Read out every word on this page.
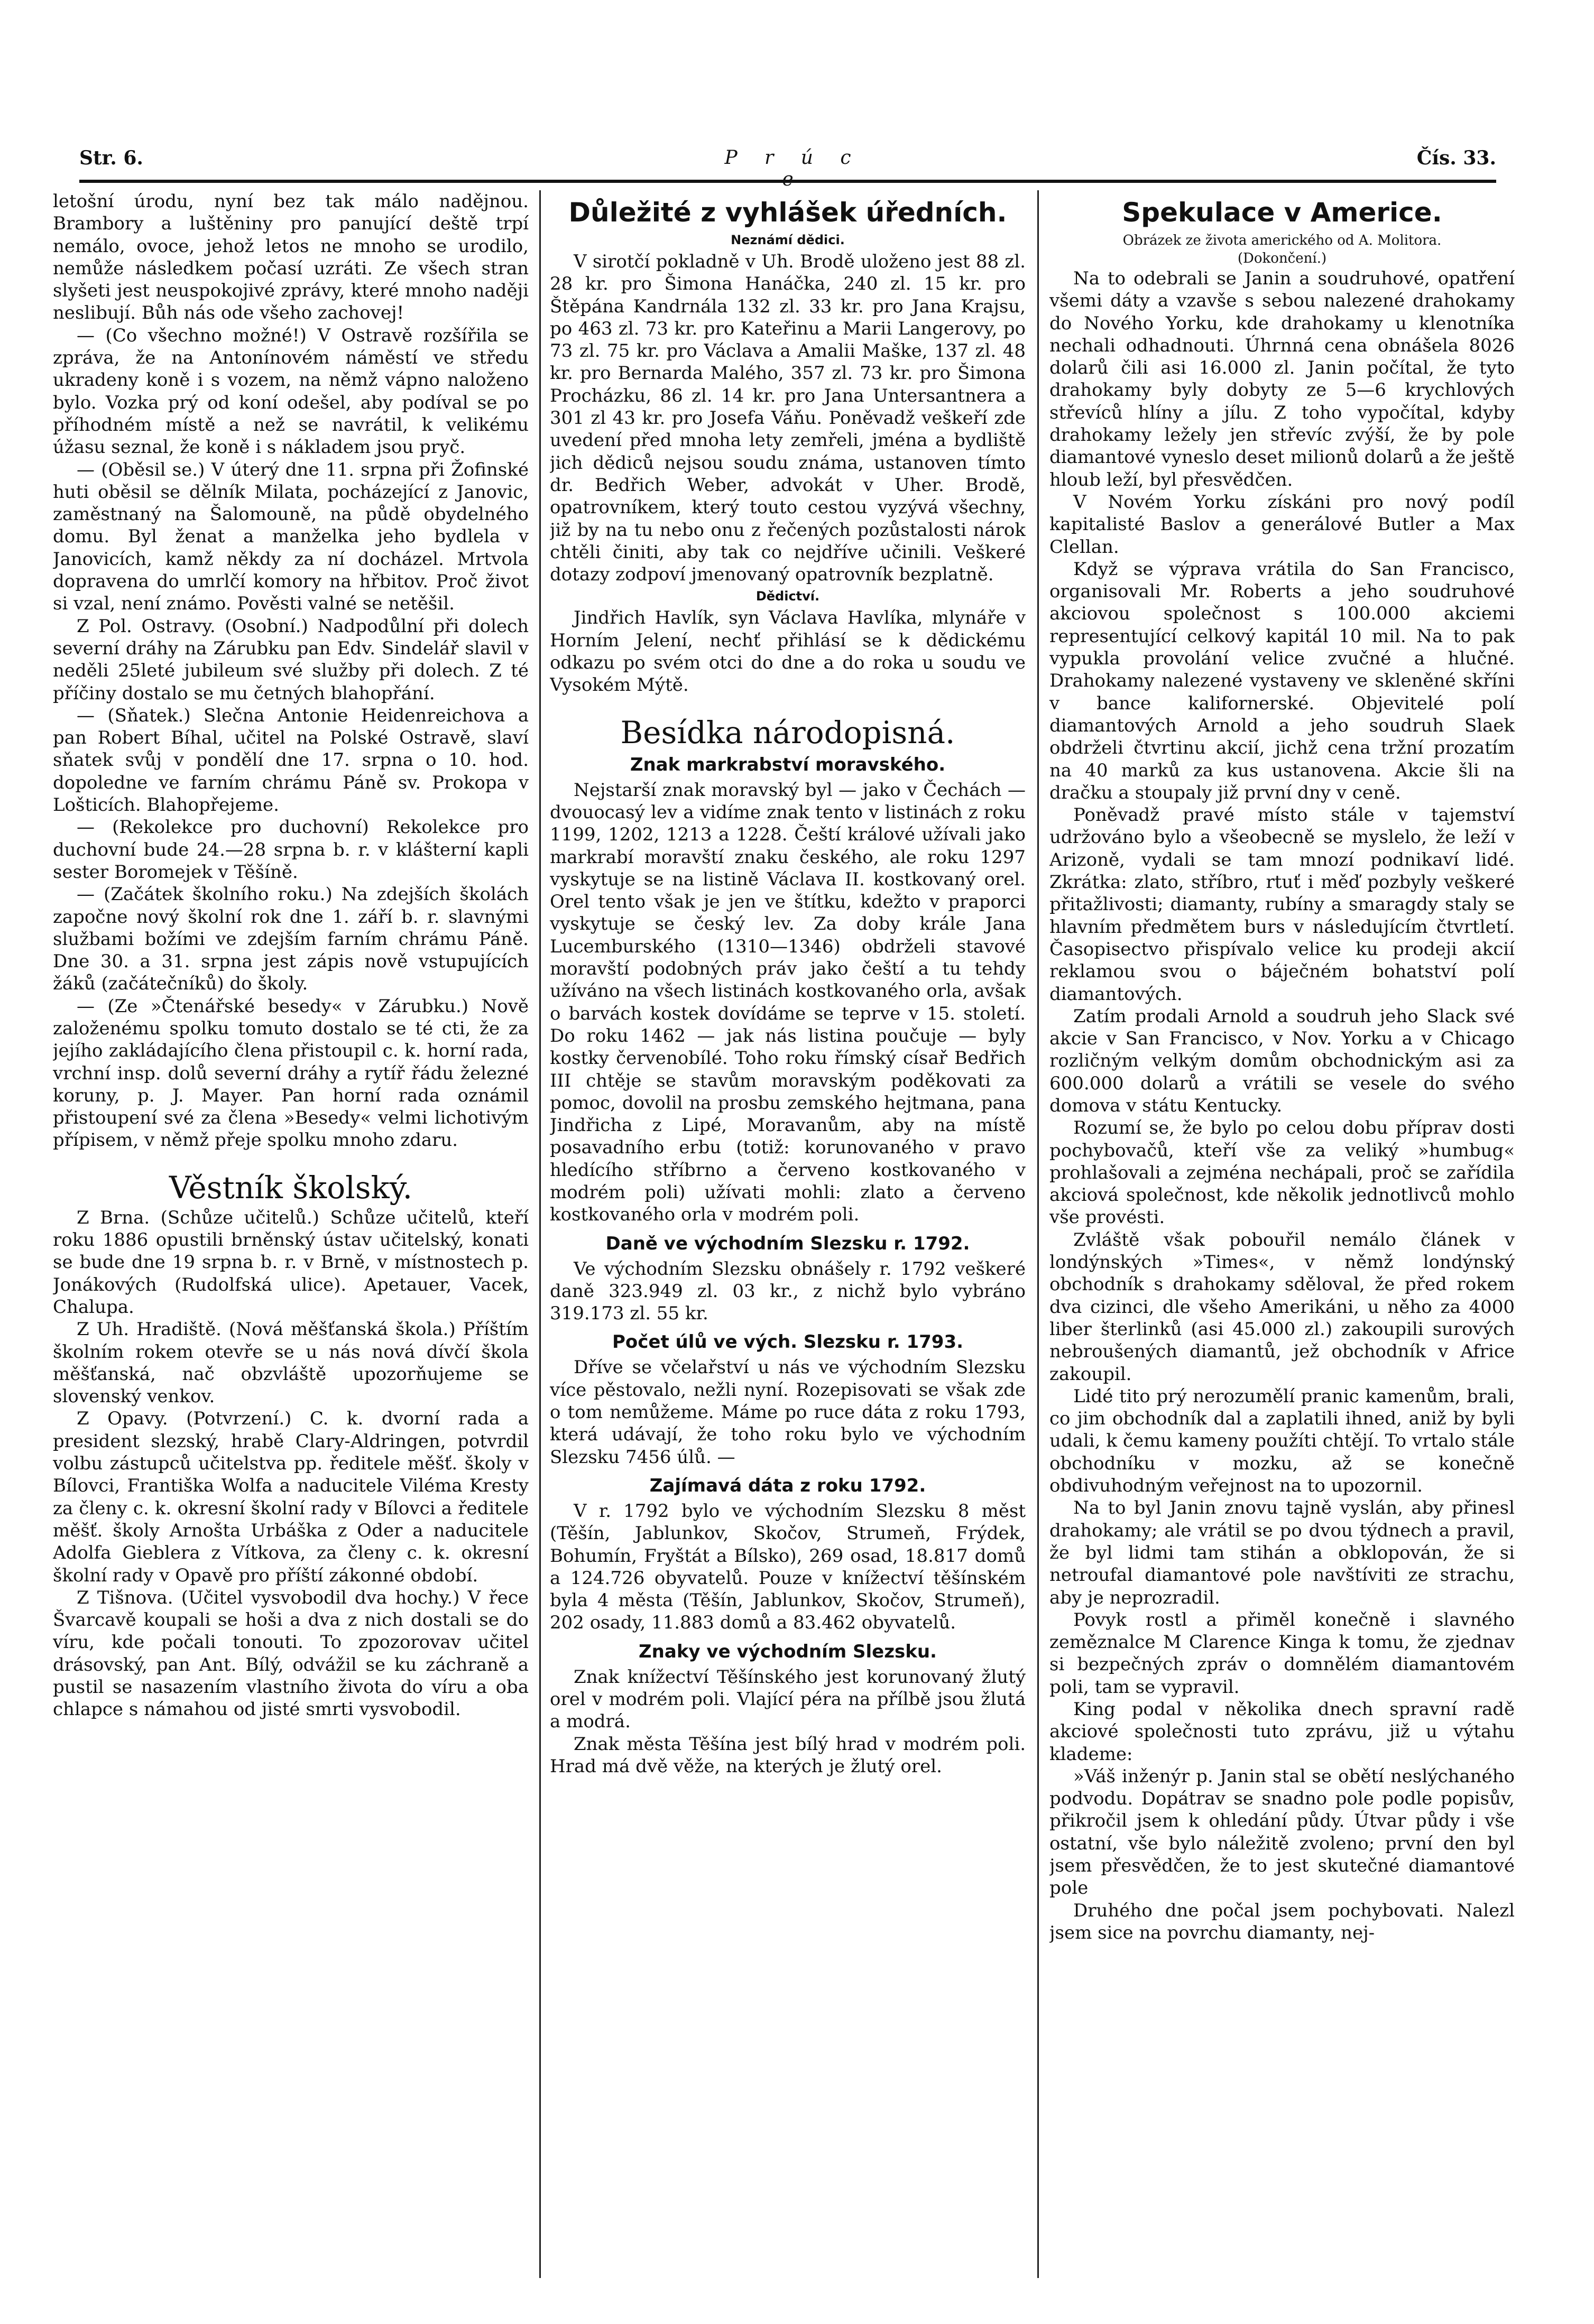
Str. 6.	P r ú c	Čís. 33.

letošní úrodu, nyní bez tak málo nadějnou. Brambory a luštěniny pro panující deště trpí nemálo, ovoce, jehož letos ne mnoho se urodilo, nemůže následkem počasí uzráti. Ze všech stran slyšeti jest neuspokojivé zprávy, které mnoho naději neslibují. Bůh nás ode všeho zachovej!

— (Co všechno možné!) V Ostravě rozšířila se zpráva, že na Antonínovém náměstí ve středu ukradeny koně i s vozem, na němž vápno naloženo bylo. Vozka prý od koní odešel, aby podíval se po příhodném místě a než se navrátil, k velikému úžasu seznal, že koně i s nákladem jsou pryč.

— (Oběsil se.) V úterý dne 11. srpna při Žofinské huti oběsil se dělník Milata, pocházející z Janovic, zaměstnaný na Šalomouně, na půdě obydelného domu. Byl ženat a manželka jeho bydlela v Janovicích, kamž někdy za ní docházel. Mrtvola dopravena do umrlčí komory na hřbitov. Proč život si vzal, není známo. Pověsti valné se netěšil.

Z Pol. Ostravy. (Osobní.) Nadpodůlní při dolech severní dráhy na Zárubku pan Edv. Sindelář slavil v neděli 25leté jubileum své služby při dolech. Z té příčiny dostalo se mu četných blahopřání.

— (Sňatek.) Slečna Antonie Heidenreichova a pan Robert Bíhal, učitel na Polské Ostravě, slaví sňatek svůj v pondělí dne 17. srpna o 10. hod. dopoledne ve farním chrámu Páně sv. Prokopa v Lošticích. Blahopřejeme.

— (Rekolekce pro duchovní) Rekolekce pro duchovní bude 24.—28 srpna b. r. v klášterní kapli sester Boromejek v Těšíně.

— (Začátek školního roku.) Na zdejších školách započne nový školní rok dne 1. září b. r. slavnými službami božími ve zdejším farním chrámu Páně. Dne 30. a 31. srpna jest zápis nově vstupujících žáků (začátečníků) do školy.

— (Ze »Čtenářské besedy« v Zárubku.) Nově založenému spolku tomuto dostalo se té cti, že za jejího zakládajícího člena přistoupil c. k. horní rada, vrchní insp. dolů severní dráhy a rytíř řádu železné koruny, p. J. Mayer. Pan horní rada oznámil přistoupení své za člena »Besedy« velmi lichotivým přípisem, v němž přeje spolku mnoho zdaru.

Věstník školský.

Z Brna. (Schůze učitelů.) Schůze učitelů, kteří roku 1886 opustili brněnský ústav učitelský, konati se bude dne 19 srpna b. r. v Brně, v místnostech p. Jonákových (Rudolfská ulice). Apetauer, Vacek, Chalupa.

Z Uh. Hradiště. (Nová měšťanská škola.) Příštím školním rokem otevře se u nás nová dívčí škola měšťanská, nač obzvláště upozorňujeme se slovenský venkov.

Z Opavy. (Potvrzení.) C. k. dvorní rada a president slezský, hrabě Clary-Aldringen, potvrdil volbu zástupců učitelstva pp. ředitele měšť. školy v Bílovci, Františka Wolfa a naducitele Viléma Kresty za členy c. k. okresní školní rady v Bílovci a ředitele měšť. školy Arnošta Urbáška z Oder a naducitele Adolfa Gieblera z Vítkova, za členy c. k. okresní školní rady v Opavě pro příští zákonné období.

Z Tišnova. (Učitel vysvobodil dva hochy.) V řece Švarcavě koupali se hoši a dva z nich dostali se do víru, kde počali tonouti. To zpozorovav učitel drásovský, pan Ant. Bílý, odvážil se ku záchraně a pustil se nasazením vlastního života do víru a oba chlapce s námahou od jisté smrti vysvobodil.

Důležité z vyhlášek úředních.
Neznámí dědici.

V sirotčí pokladně v Uh. Brodě uloženo jest 88 zl. 28 kr. pro Šimona Hanáčka, 240 zl. 15 kr. pro Štěpána Kandrnála 132 zl. 33 kr. pro Jana Krajsu, po 463 zl. 73 kr. pro Kateřinu a Marii Langerovy, po 73 zl. 75 kr. pro Václava a Amalii Maške, 137 zl. 48 kr. pro Bernarda Malého, 357 zl. 73 kr. pro Šimona Procházku, 86 zl. 14 kr. pro Jana Untersantnera a 301 zl 43 kr. pro Josefa Váňu. Poněvadž veškeří zde uvedení před mnoha lety zemřeli, jména a bydliště jich dědiců nejsou soudu známa, ustanoven tímto dr. Bedřich Weber, advokát v Uher. Brodě, opatrovníkem, který touto cestou vyzývá všechny, již by na tu nebo onu z řečených pozůstalosti nárok chtěli činiti, aby tak co nejdříve učinili. Veškeré dotazy zodpoví jmenovaný opatrovník bezplatně.

Dědictví.

Jindřich Havlík, syn Václava Havlíka, mlynáře v Horním Jelení, nechť přihlásí se k dědickému odkazu po svém otci do dne a do roka u soudu ve Vysokém Mýtě.

Besídka národopisná.
Znak markrabství moravského.

Nejstarší znak moravský byl — jako v Čechách — dvouocasý lev a vidíme znak tento v listinách z roku 1199, 1202, 1213 a 1228. Čeští králové užívali jako markrabí moravští znaku českého, ale roku 1297 vyskytuje se na listině Václava II. kostkovaný orel. Orel tento však je jen ve štítku, kdežto v praporci vyskytuje se český lev. Za doby krále Jana Lucemburského (1310—1346) obdrželi stavové moravští podobných práv jako čeští a tu tehdy užíváno na všech listinách kostkovaného orla, avšak o barvách kostek dovídáme se teprve v 15. století. Do roku 1462 — jak nás listina poučuje — byly kostky červenobílé. Toho roku římský císař Bedřich III chtěje se stavům moravským poděkovati za pomoc, dovolil na prosbu zemského hejtmana, pana Jindřicha z Lipé, Moravanům, aby na místě posavadního erbu (totiž: korunovaného v pravo hledícího stříbrno a červeno kostkovaného v modrém poli) užívati mohli: zlato a červeno kostkovaného orla v modrém poli.

Daně ve východním Slezsku r. 1792.

Ve východním Slezsku obnášely r. 1792 veškeré daně 323.949 zl. 03 kr., z nichž bylo vybráno 319.173 zl. 55 kr.

Počet úlů ve vých. Slezsku r. 1793.

Dříve se včelařství u nás ve východním Slezsku více pěstovalo, nežli nyní. Rozepisovati se však zde o tom nemůžeme. Máme po ruce dáta z roku 1793, která udávají, že toho roku bylo ve východním Slezsku 7456 úlů. —

Zajímavá dáta z roku 1792.

V r. 1792 bylo ve východním Slezsku 8 měst (Těšín, Jablunkov, Skočov, Strumeň, Frýdek, Bohumín, Fryštát a Bílsko), 269 osad, 18.817 domů a 124.726 obyvatelů. Pouze v knížectví těšínském byla 4 města (Těšín, Jablunkov, Skočov, Strumeň), 202 osady, 11.883 domů a 83.462 obyvatelů.

Znaky ve východním Slezsku.

Znak knížectví Těšínského jest korunovaný žlutý orel v modrém poli. Vlající péra na přílbě jsou žlutá a modrá.

Znak města Těšína jest bílý hrad v modrém poli. Hrad má dvě věže, na kterých je žlutý orel.

Spekulace v Americe.

Obrázek ze života amerického od A. Molitora.

(Dokončení.)

Na to odebrali se Janin a soudruhové, opatření všemi dáty a vzavše s sebou nalezené drahokamy do Nového Yorku, kde drahokamy u klenotníka nechali odhadnouti. Úhrnná cena obnášela 8026 dolarů čili asi 16.000 zl. Janin počítal, že tyto drahokamy byly dobyty ze 5—6 krychlových střevíců hlíny a jílu. Z toho vypočítal, kdyby drahokamy ležely jen střevíc zvýší, že by pole diamantové vyneslo deset milionů dolarů a že ještě hloub leží, byl přesvědčen.

V Novém Yorku získáni pro nový podíl kapitalisté Baslov a generálové Butler a Max Clellan.

Když se výprava vrátila do San Francisco, organisovali Mr. Roberts a jeho soudruhové akciovou společnost s 100.000 akciemi representující celkový kapitál 10 mil. Na to pak vypukla provolání velice zvučné a hlučné. Drahokamy nalezené vystaveny ve skleněné skříni v bance kalifornerské. Objevitelé polí diamantových Arnold a jeho soudruh Slaek obdrželi čtvrtinu akcií, jichž cena tržní prozatím na 40 marků za kus ustanovena. Akcie šli na dračku a stoupaly již první dny v ceně.

Poněvadž pravé místo stále v tajemství udržováno bylo a všeobecně se myslelo, že leží v Arizoně, vydali se tam mnozí podnikaví lidé. Zkrátka: zlato, stříbro, rtuť i měď pozbyly veškeré přitažlivosti; diamanty, rubíny a smaragdy staly se hlavním předmětem burs v následujícím čtvrtletí. Časopisectvo přispívalo velice ku prodeji akcií reklamou svou o báječném bohatství polí diamantových.

Zatím prodali Arnold a soudruh jeho Slack své akcie v San Francisco, v Nov. Yorku a v Chicago rozličným velkým domům obchodnickým asi za 600.000 dolarů a vrátili se vesele do svého domova v státu Kentucky.

Rozumí se, že bylo po celou dobu příprav dosti pochybovačů, kteří vše za veliký »humbug« prohlašovali a zejména nechápali, proč se zařídila akciová společnost, kde několik jednotlivců mohlo vše provésti.

Zvláště však pobouřil nemálo článek v londýnských »Times«, v němž londýnský obchodník s drahokamy sděloval, že před rokem dva cizinci, dle všeho Amerikáni, u něho za 4000 liber šterlinků (asi 45.000 zl.) zakoupili surových nebroušených diamantů, jež obchodník v Africe zakoupil.

Lidé tito prý nerozumělí pranic kamenům, brali, co jim obchodník dal a zaplatili ihned, aniž by byli udali, k čemu kameny použíti chtějí. To vrtalo stále obchodníku v mozku, až se konečně obdivuhodným veřejnost na to upozornil.

Na to byl Janin znovu tajně vyslán, aby přinesl drahokamy; ale vrátil se po dvou týdnech a pravil, že byl lidmi tam stihán a obklopován, že si netroufal diamantové pole navštíviti ze strachu, aby je neprozradil.

Povyk rostl a přiměl konečně i slavného zeměznalce M Clarence Kinga k tomu, že zjednav si bezpečných zpráv o domnělém diamantovém poli, tam se vypravil.

King podal v několika dnech spravní radě akciové společnosti tuto zprávu, již u výtahu klademe:

»Váš inženýr p. Janin stal se obětí neslýchaného podvodu. Dopátrav se snadno pole podle popisův, přikročil jsem k ohledání půdy. Útvar půdy i vše ostatní, vše bylo náležitě zvoleno; první den byl jsem přesvědčen, že to jest skutečné diamantové pole

Druhého dne počal jsem pochybovati. Nalezl jsem sice na povrchu diamanty, nej-
